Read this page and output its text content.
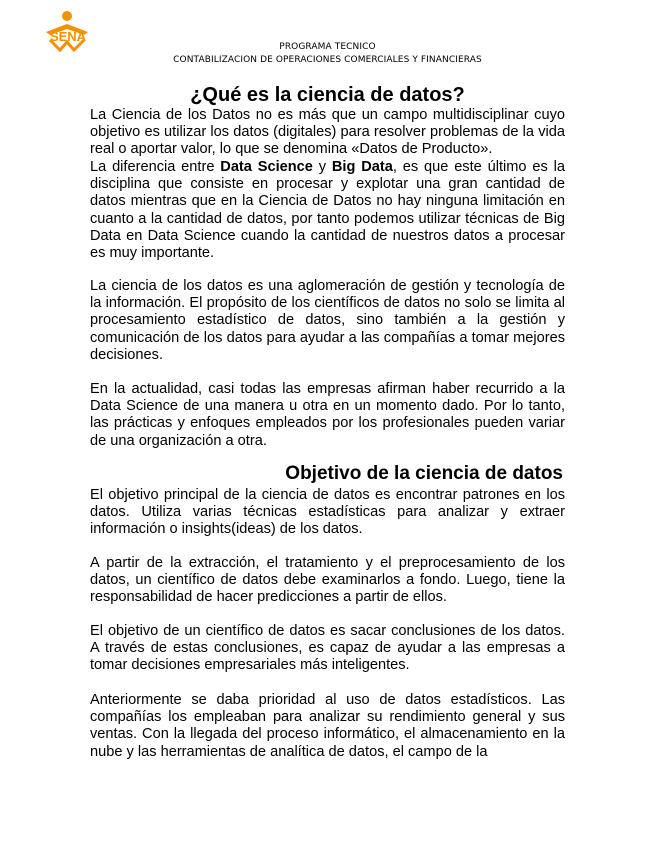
SENA
PROGRAMA TECNICO
CONTABILIZACION DE OPERACIONES COMERCIALES Y FINANCIERAS
¿Qué es la ciencia de datos?

La Ciencia de los Datos no es más que un campo multidisciplinar cuyo objetivo es utilizar los datos (digitales) para resolver problemas de la vida real o aportar valor, lo que se denomina «Datos de Producto».

La diferencia entre Data Science y Big Data, es que este último es la disciplina que consiste en procesar y explotar una gran cantidad de datos mientras que en la Ciencia de Datos no hay ninguna limitación en cuanto a la cantidad de datos, por tanto podemos utilizar técnicas de Big Data en Data Science cuando la cantidad de nuestros datos a procesar es muy importante.

La ciencia de los datos es una aglomeración de gestión y tecnología de la información. El propósito de los científicos de datos no solo se limita al procesamiento estadístico de datos, sino también a la gestión y comunicación de los datos para ayudar a las compañías a tomar mejores decisiones.

En la actualidad, casi todas las empresas afirman haber recurrido a la Data Science de una manera u otra en un momento dado. Por lo tanto, las prácticas y enfoques empleados por los profesionales pueden variar de una organización a otra.

Objetivo de la ciencia de datos

El objetivo principal de la ciencia de datos es encontrar patrones en los datos. Utiliza varias técnicas estadísticas para analizar y extraer información o insights(ideas) de los datos.

A partir de la extracción, el tratamiento y el preprocesamiento de los datos, un científico de datos debe examinarlos a fondo. Luego, tiene la responsabilidad de hacer predicciones a partir de ellos.

El objetivo de un científico de datos es sacar conclusiones de los datos. A través de estas conclusiones, es capaz de ayudar a las empresas a tomar decisiones empresariales más inteligentes.

Anteriormente se daba prioridad al uso de datos estadísticos. Las compañías los empleaban para analizar su rendimiento general y sus ventas. Con la llegada del proceso informático, el almacenamiento en la nube y las herramientas de analítica de datos, el campo de la
